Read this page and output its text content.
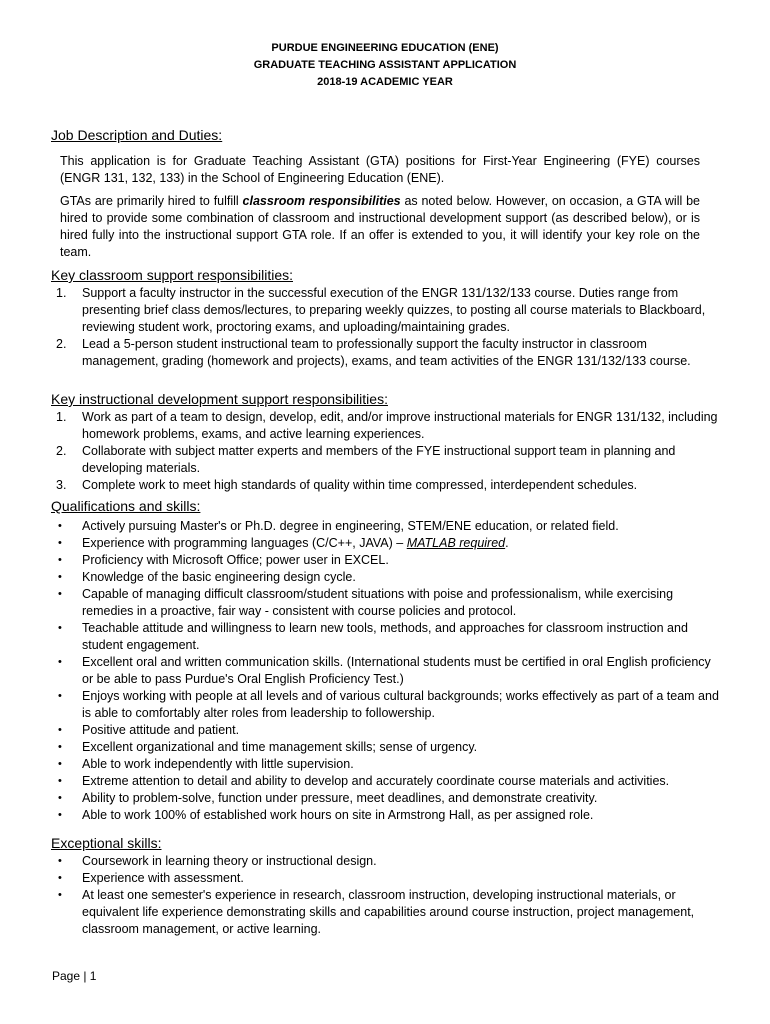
PURDUE ENGINEERING EDUCATION (ENE)
GRADUATE TEACHING ASSISTANT APPLICATION
2018-19 ACADEMIC YEAR
Job Description and Duties:
This application is for Graduate Teaching Assistant (GTA) positions for First-Year Engineering (FYE) courses (ENGR 131, 132, 133) in the School of Engineering Education (ENE).
GTAs are primarily hired to fulfill classroom responsibilities as noted below. However, on occasion, a GTA will be hired to provide some combination of classroom and instructional development support (as described below), or is hired fully into the instructional support GTA role. If an offer is extended to you, it will identify your key role on the team.
Key classroom support responsibilities:
1. Support a faculty instructor in the successful execution of the ENGR 131/132/133 course. Duties range from presenting brief class demos/lectures, to preparing weekly quizzes, to posting all course materials to Blackboard, reviewing student work, proctoring exams, and uploading/maintaining grades.
2. Lead a 5-person student instructional team to professionally support the faculty instructor in classroom management, grading (homework and projects), exams, and team activities of the ENGR 131/132/133 course.
Key instructional development support responsibilities:
1. Work as part of a team to design, develop, edit, and/or improve instructional materials for ENGR 131/132, including homework problems, exams, and active learning experiences.
2. Collaborate with subject matter experts and members of the FYE instructional support team in planning and developing materials.
3. Complete work to meet high standards of quality within time compressed, interdependent schedules.
Qualifications and skills:
• Actively pursuing Master's or Ph.D. degree in engineering, STEM/ENE education, or related field.
• Experience with programming languages (C/C++, JAVA) – MATLAB required.
• Proficiency with Microsoft Office; power user in EXCEL.
• Knowledge of the basic engineering design cycle.
• Capable of managing difficult classroom/student situations with poise and professionalism, while exercising remedies in a proactive, fair way - consistent with course policies and protocol.
• Teachable attitude and willingness to learn new tools, methods, and approaches for classroom instruction and student engagement.
• Excellent oral and written communication skills. (International students must be certified in oral English proficiency or be able to pass Purdue's Oral English Proficiency Test.)
• Enjoys working with people at all levels and of various cultural backgrounds; works effectively as part of a team and is able to comfortably alter roles from leadership to followership.
• Positive attitude and patient.
• Excellent organizational and time management skills; sense of urgency.
• Able to work independently with little supervision.
• Extreme attention to detail and ability to develop and accurately coordinate course materials and activities.
• Ability to problem-solve, function under pressure, meet deadlines, and demonstrate creativity.
• Able to work 100% of established work hours on site in Armstrong Hall, as per assigned role.
Exceptional skills:
• Coursework in learning theory or instructional design.
• Experience with assessment.
• At least one semester's experience in research, classroom instruction, developing instructional materials, or equivalent life experience demonstrating skills and capabilities around course instruction, project management, classroom management, or active learning.
Page | 1
